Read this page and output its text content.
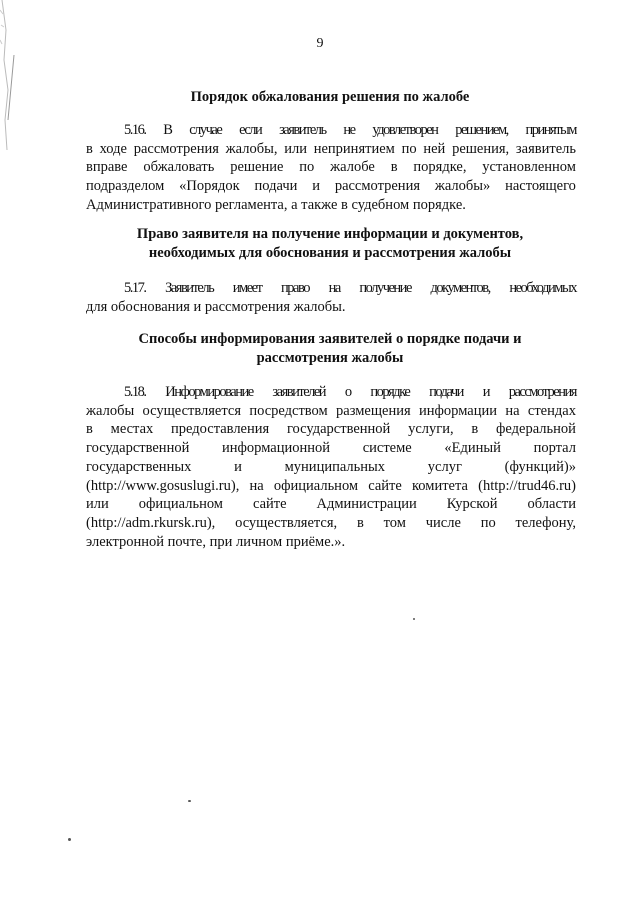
9
Порядок обжалования решения по жалобе
5.16. В случае если заявитель не удовлетворен решением, принятым
в ходе рассмотрения жалобы, или непринятием по ней решения, заявитель
вправе обжаловать решение по жалобе в порядке, установленном
подразделом «Порядок подачи и рассмотрения жалобы» настоящего
Административного регламента, а также в судебном порядке.
Право заявителя на получение информации и документов,
необходимых для обоснования и рассмотрения жалобы
5.17. Заявитель имеет право на получение документов, необходимых
для обоснования и рассмотрения жалобы.
Способы информирования заявителей о порядке подачи и
рассмотрения жалобы
5.18. Информирование заявителей о порядке подачи и рассмотрения
жалобы осуществляется посредством размещения информации на стендах
в местах предоставления государственной услуги, в федеральной
государственной информационной системе «Единый портал
государственных	и	муниципальных	услуг	(функций)»
(http://www.gosuslugi.ru), на официальном сайте комитета (http://trud46.ru)
или официальном сайте Администрации Курской области
(http://adm.rkursk.ru), осуществляется, в том числе по телефону,
электронной почте, при личном приёме.».
